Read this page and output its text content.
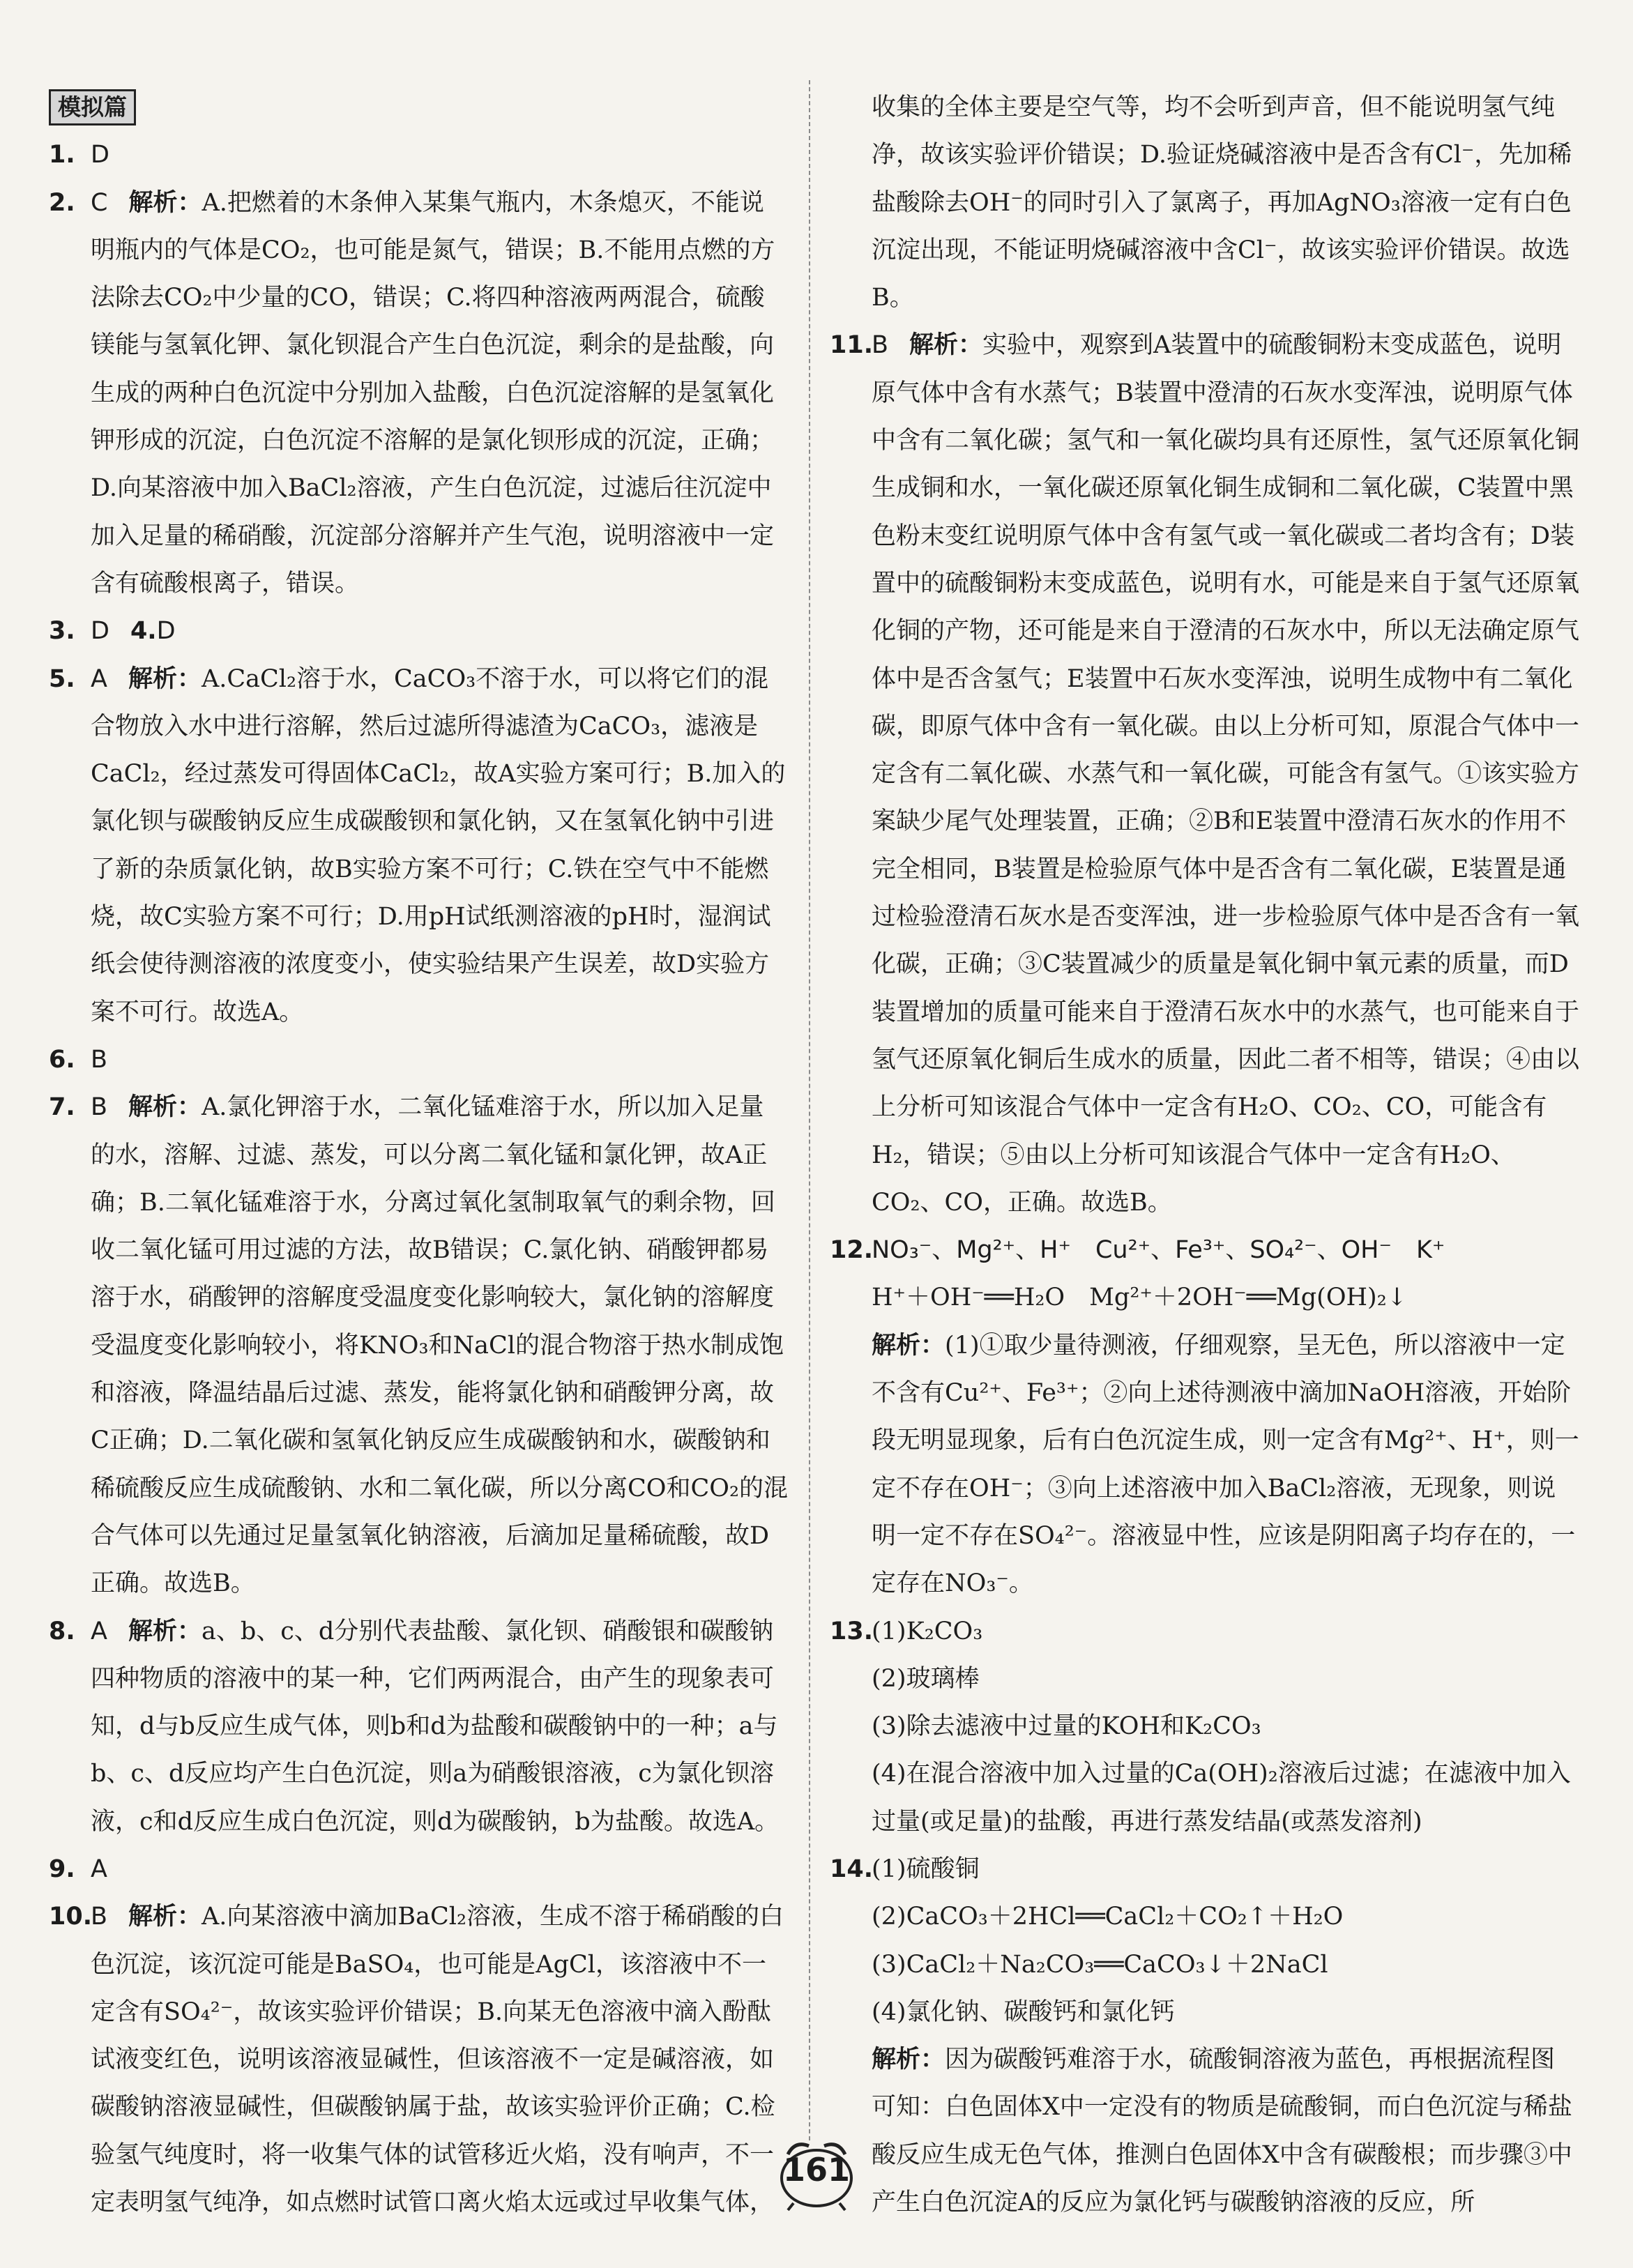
模拟篇

1. D

2. C 解析：A.把燃着的木条伸入某集气瓶内，木条熄灭，不能说明瓶内的气体是CO₂，也可能是氮气，错误；B.不能用点燃的方法除去CO₂中少量的CO，错误；C.将四种溶液两两混合，硫酸镁能与氢氧化钾、氯化钡混合产生白色沉淀，剩余的是盐酸，向生成的两种白色沉淀中分别加入盐酸，白色沉淀溶解的是氢氧化钾形成的沉淀，白色沉淀不溶解的是氯化钡形成的沉淀，正确；D.向某溶液中加入BaCl₂溶液，产生白色沉淀，过滤后往沉淀中加入足量的稀硝酸，沉淀部分溶解并产生气泡，说明溶液中一定含有硫酸根离子，错误。

3. D 4.D

5. A 解析：A.CaCl₂溶于水，CaCO₃不溶于水，可以将它们的混合物放入水中进行溶解，然后过滤所得滤渣为CaCO₃，滤液是CaCl₂，经过蒸发可得固体CaCl₂，故A实验方案可行；B.加入的氯化钡与碳酸钠反应生成碳酸钡和氯化钠，又在氢氧化钠中引进了新的杂质氯化钠，故B实验方案不可行；C.铁在空气中不能燃烧，故C实验方案不可行；D.用pH试纸测溶液的pH时，湿润试纸会使待测溶液的浓度变小，使实验结果产生误差，故D实验方案不可行。故选A。

6. B

7. B 解析：A.氯化钾溶于水，二氧化锰难溶于水，所以加入足量的水，溶解、过滤、蒸发，可以分离二氧化锰和氯化钾，故A正确；B.二氧化锰难溶于水，分离过氧化氢制取氧气的剩余物，回收二氧化锰可用过滤的方法，故B错误；C.氯化钠、硝酸钾都易溶于水，硝酸钾的溶解度受温度变化影响较大，氯化钠的溶解度受温度变化影响较小，将KNO₃和NaCl的混合物溶于热水制成饱和溶液，降温结晶后过滤、蒸发，能将氯化钠和硝酸钾分离，故C正确；D.二氧化碳和氢氧化钠反应生成碳酸钠和水，碳酸钠和稀硫酸反应生成硫酸钠、水和二氧化碳，所以分离CO和CO₂的混合气体可以先通过足量氢氧化钠溶液，后滴加足量稀硫酸，故D正确。故选B。

8. A 解析：a、b、c、d分别代表盐酸、氯化钡、硝酸银和碳酸钠四种物质的溶液中的某一种，它们两两混合，由产生的现象表可知，d与b反应生成气体，则b和d为盐酸和碳酸钠中的一种；a与b、c、d反应均产生白色沉淀，则a为硝酸银溶液，c为氯化钡溶液，c和d反应生成白色沉淀，则d为碳酸钠，b为盐酸。故选A。

9. A

10.B 解析：A.向某溶液中滴加BaCl₂溶液，生成不溶于稀硝酸的白色沉淀，该沉淀可能是BaSO₄，也可能是AgCl，该溶液中不一定含有SO₄²⁻，故该实验评价错误；B.向某无色溶液中滴入酚酞试液变红色，说明该溶液显碱性，但该溶液不一定是碱溶液，如碳酸钠溶液显碱性，但碳酸钠属于盐，故该实验评价正确；C.检验氢气纯度时，将一收集气体的试管移近火焰，没有响声，不一定表明氢气纯净，如点燃时试管口离火焰太远或过早收集气体，

收集的全体主要是空气等，均不会听到声音，但不能说明氢气纯净，故该实验评价错误；D.验证烧碱溶液中是否含有Cl⁻，先加稀盐酸除去OH⁻的同时引入了氯离子，再加AgNO₃溶液一定有白色沉淀出现，不能证明烧碱溶液中含Cl⁻，故该实验评价错误。故选B。

11.B 解析：实验中，观察到A装置中的硫酸铜粉末变成蓝色，说明原气体中含有水蒸气；B装置中澄清的石灰水变浑浊，说明原气体中含有二氧化碳；氢气和一氧化碳均具有还原性，氢气还原氧化铜生成铜和水，一氧化碳还原氧化铜生成铜和二氧化碳，C装置中黑色粉末变红说明原气体中含有氢气或一氧化碳或二者均含有；D装置中的硫酸铜粉末变成蓝色，说明有水，可能是来自于氢气还原氧化铜的产物，还可能是来自于澄清的石灰水中，所以无法确定原气体中是否含氢气；E装置中石灰水变浑浊，说明生成物中有二氧化碳，即原气体中含有一氧化碳。由以上分析可知，原混合气体中一定含有二氧化碳、水蒸气和一氧化碳，可能含有氢气。①该实验方案缺少尾气处理装置，正确；②B和E装置中澄清石灰水的作用不完全相同，B装置是检验原气体中是否含有二氧化碳，E装置是通过检验澄清石灰水是否变浑浊，进一步检验原气体中是否含有一氧化碳，正确；③C装置减少的质量是氧化铜中氧元素的质量，而D装置增加的质量可能来自于澄清石灰水中的水蒸气，也可能来自于氢气还原氧化铜后生成水的质量，因此二者不相等，错误；④由以上分析可知该混合气体中一定含有H₂O、CO₂、CO，可能含有H₂，错误；⑤由以上分析可知该混合气体中一定含有H₂O、CO₂、CO，正确。故选B。

12.NO₃⁻、Mg²⁺、H⁺　Cu²⁺、Fe³⁺、SO₄²⁻、OH⁻　K⁺

H⁺＋OH⁻══H₂O　Mg²⁺＋2OH⁻══Mg(OH)₂↓

解析：(1)①取少量待测液，仔细观察，呈无色，所以溶液中一定不含有Cu²⁺、Fe³⁺；②向上述待测液中滴加NaOH溶液，开始阶段无明显现象，后有白色沉淀生成，则一定含有Mg²⁺、H⁺，则一定不存在OH⁻；③向上述溶液中加入BaCl₂溶液，无现象，则说明一定不存在SO₄²⁻。溶液显中性，应该是阴阳离子均存在的，一定存在NO₃⁻。

13.(1)K₂CO₃

(2)玻璃棒

(3)除去滤液中过量的KOH和K₂CO₃

(4)在混合溶液中加入过量的Ca(OH)₂溶液后过滤；在滤液中加入过量(或足量)的盐酸，再进行蒸发结晶(或蒸发溶剂)

14.(1)硫酸铜

(2)CaCO₃＋2HCl══CaCl₂＋CO₂↑＋H₂O

(3)CaCl₂＋Na₂CO₃══CaCO₃↓＋2NaCl

(4)氯化钠、碳酸钙和氯化钙

解析：因为碳酸钙难溶于水，硫酸铜溶液为蓝色，再根据流程图可知：白色固体X中一定没有的物质是硫酸铜，而白色沉淀与稀盐酸反应生成无色气体，推测白色固体X中含有碳酸根；而步骤③中产生白色沉淀A的反应为氯化钙与碳酸钠溶液的反应，所

161
